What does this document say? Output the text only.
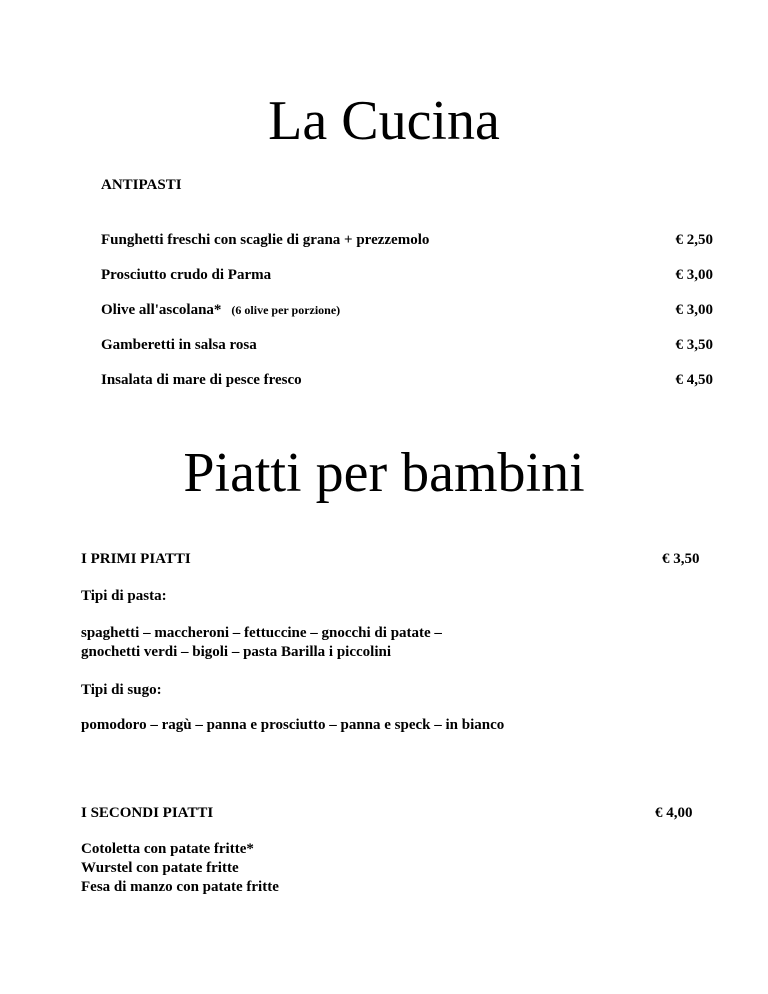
La Cucina
ANTIPASTI
Funghetti freschi con scaglie di grana + prezzemolo	€ 2,50
Prosciutto crudo di Parma	€ 3,00
Olive all'ascolana* (6 olive per porzione)	€ 3,00
Gamberetti in salsa rosa	€ 3,50
Insalata di mare di pesce fresco	€ 4,50
Piatti per bambini
I PRIMI PIATTI	€ 3,50
Tipi di pasta:
spaghetti – maccheroni – fettuccine – gnocchi di patate –
gnochetti verdi – bigoli – pasta Barilla i piccolini
Tipi di sugo:
pomodoro – ragù – panna e prosciutto – panna e speck – in bianco
I SECONDI PIATTI	€ 4,00
Cotoletta con patate fritte*
Wurstel con patate fritte
Fesa di manzo con patate fritte
